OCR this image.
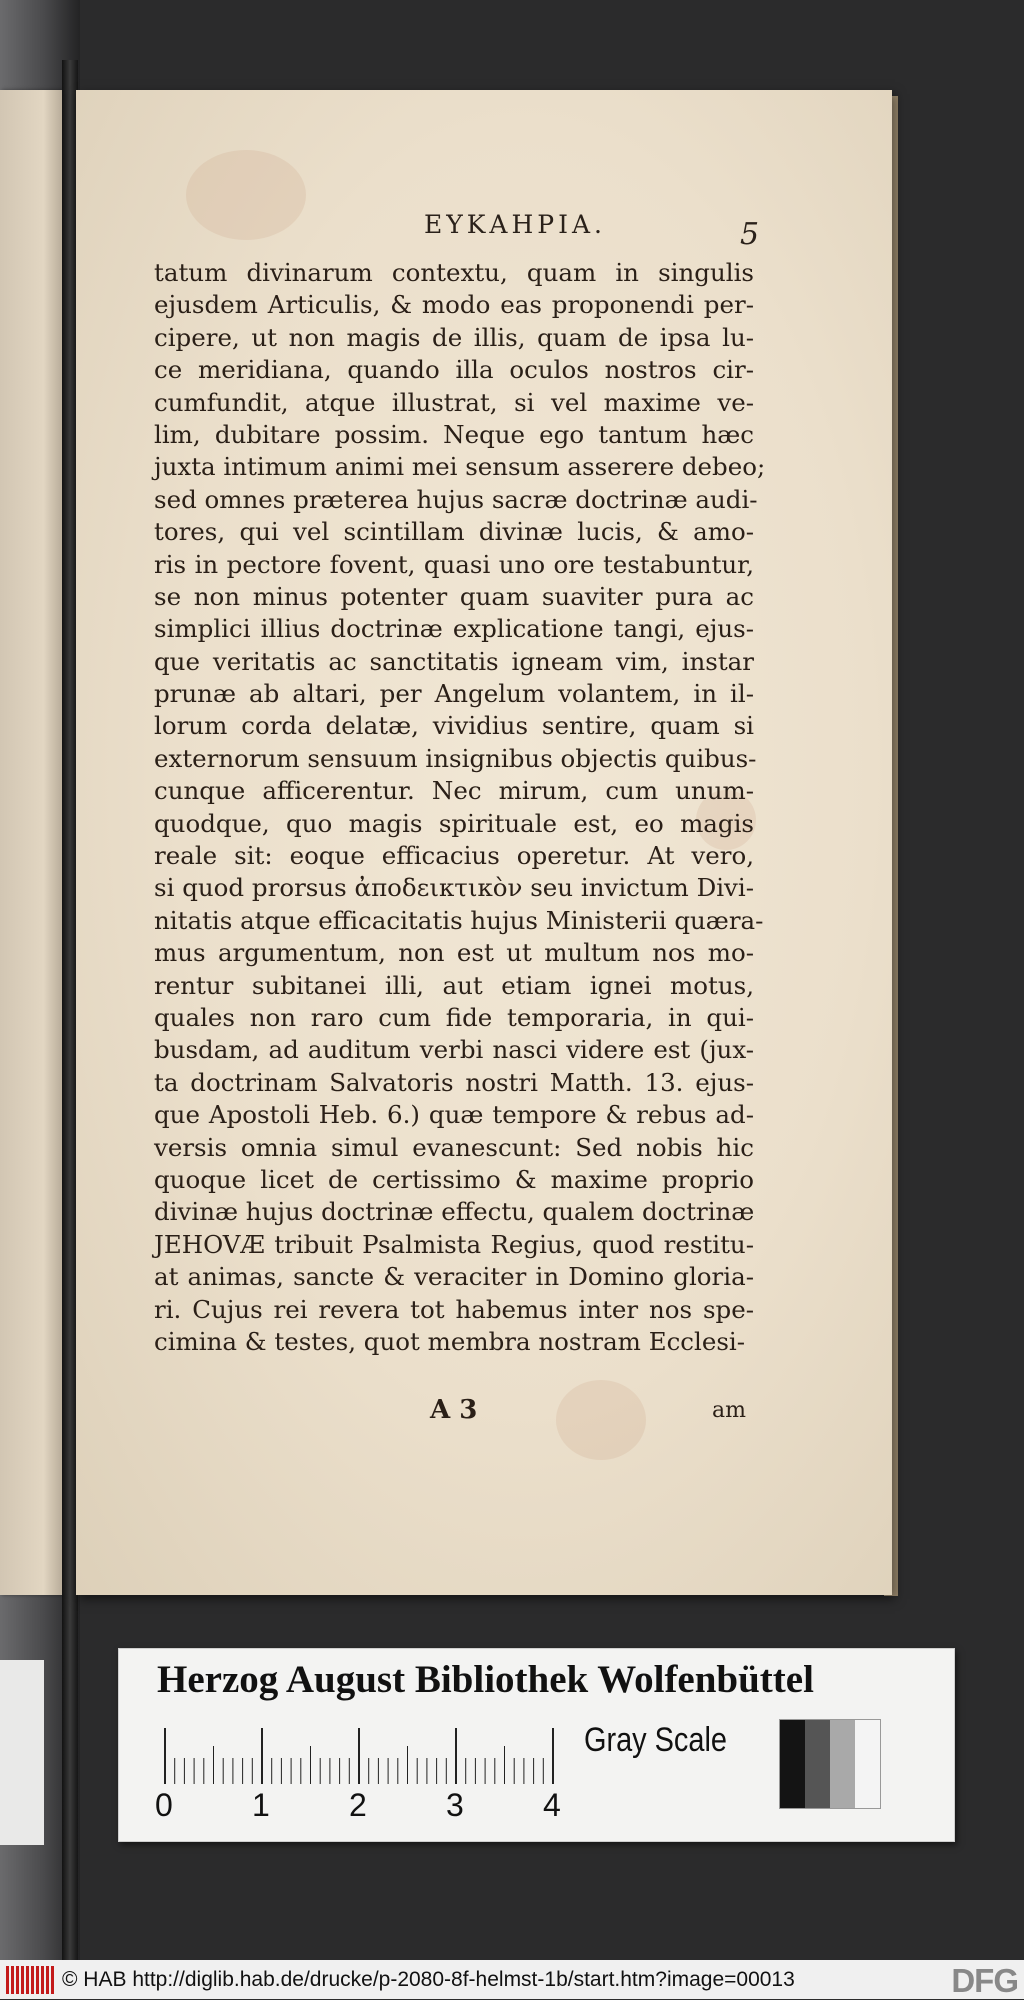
ΕΥΚΑΗΡΙΑ.	5
tatum divinarum contextu, quam in singulis
ejusdem Articulis, & modo eas proponendi per-
cipere, ut non magis de illis, quam de ipsa lu-
ce meridiana, quando illa oculos nostros cir-
cumfundit, atque illustrat, si vel maxime ve-
lim, dubitare possim. Neque ego tantum hæc
juxta intimum animi mei sensum asserere debeo;
sed omnes præterea hujus sacræ doctrinæ audi-
tores, qui vel scintillam divinæ lucis, & amo-
ris in pectore fovent, quasi uno ore testabuntur,
se non minus potenter quam suaviter pura ac
simplici illius doctrinæ explicatione tangi, ejus-
que veritatis ac sanctitatis igneam vim, instar
prunæ ab altari, per Angelum volantem, in il-
lorum corda delatæ, vividius sentire, quam si
externorum sensuum insignibus objectis quibus-
cunque afficerentur. Nec mirum, cum unum-
quodque, quo magis spirituale est, eo magis
reale sit: eoque efficacius operetur. At vero,
si quod prorsus ἀποδεικτικὸν seu invictum Divi-
nitatis atque efficacitatis hujus Ministerii quæra-
mus argumentum, non est ut multum nos mo-
rentur subitanei illi, aut etiam ignei motus,
quales non raro cum fide temporaria, in qui-
busdam, ad auditum verbi nasci videre est (jux-
ta doctrinam Salvatoris nostri Matth. 13. ejus-
que Apostoli Heb. 6.) quæ tempore & rebus ad-
versis omnia simul evanescunt: Sed nobis hic
quoque licet de certissimo & maxime proprio
divinæ hujus doctrinæ effectu, qualem doctrinæ
JEHOVÆ tribuit Psalmista Regius, quod restitu-
at animas, sancte & veraciter in Domino gloria-
ri. Cujus rei revera tot habemus inter nos spe-
cimina & testes, quot membra nostram Ecclesi-
A 3	am
Herzog August Bibliothek Wolfenbüttel
Gray Scale
0 1 2 3 4
© HAB http://diglib.hab.de/drucke/p-2080-8f-helmst-1b/start.htm?image=00013	DFG
